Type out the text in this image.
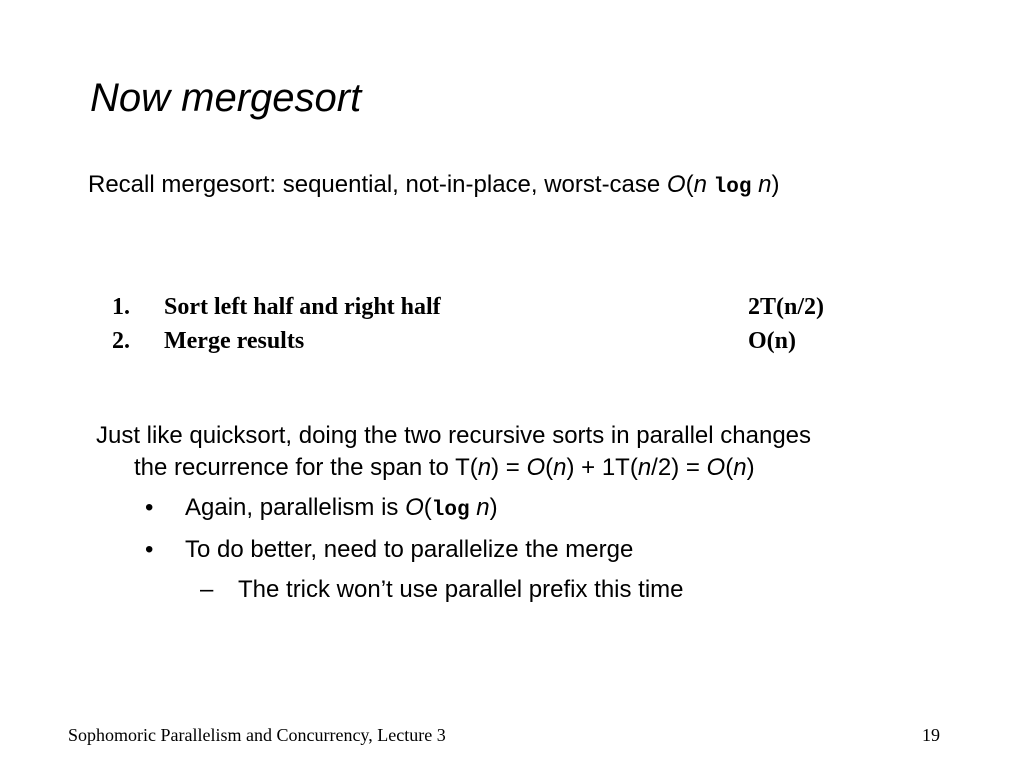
Now mergesort
Recall mergesort: sequential, not-in-place, worst-case O(n log n)
1. Sort left half and right half	2T(n/2)
2. Merge results	O(n)
Just like quicksort, doing the two recursive sorts in parallel changes
the recurrence for the span to T(n) = O(n) + 1T(n/2) = O(n)
• Again, parallelism is O(log n)
• To do better, need to parallelize the merge
– The trick won’t use parallel prefix this time
Sophomoric Parallelism and Concurrency, Lecture 3	19
